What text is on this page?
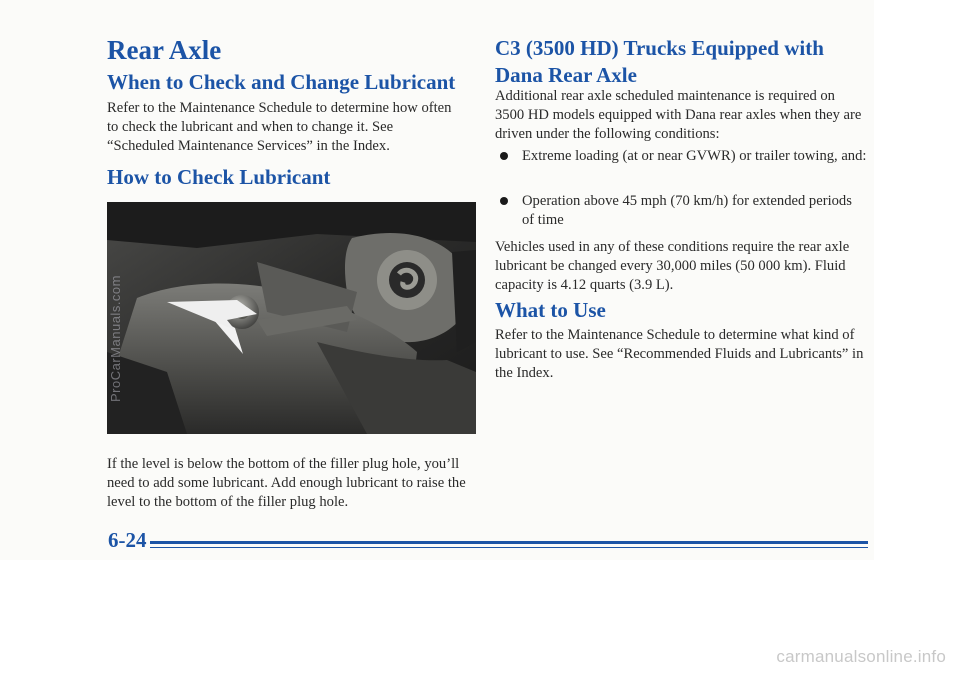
Rear Axle
When to Check and Change Lubricant

Refer to the Maintenance Schedule to determine how often to check the lubricant and when to change it. See “Scheduled Maintenance Services” in the Index.

How to Check Lubricant

If the level is below the bottom of the filler plug hole, you’ll need to add some lubricant. Add enough lubricant to raise the level to the bottom of the filler plug hole.

ProCarManuals.com
C3 (3500 HD) Trucks Equipped with Dana Rear Axle

Additional rear axle scheduled maintenance is required on 3500 HD models equipped with Dana rear axles when they are driven under the following conditions:

Extreme loading (at or near GVWR) or trailer towing, and:
Operation above 45 mph (70 km/h) for extended periods of time

Vehicles used in any of these conditions require the rear axle lubricant be changed every 30,000 miles (50 000 km). Fluid capacity is 4.12 quarts (3.9 L).

What to Use

Refer to the Maintenance Schedule to determine what kind of lubricant to use. See “Recommended Fluids and Lubricants” in the Index.

6-24

carmanualsonline.info
